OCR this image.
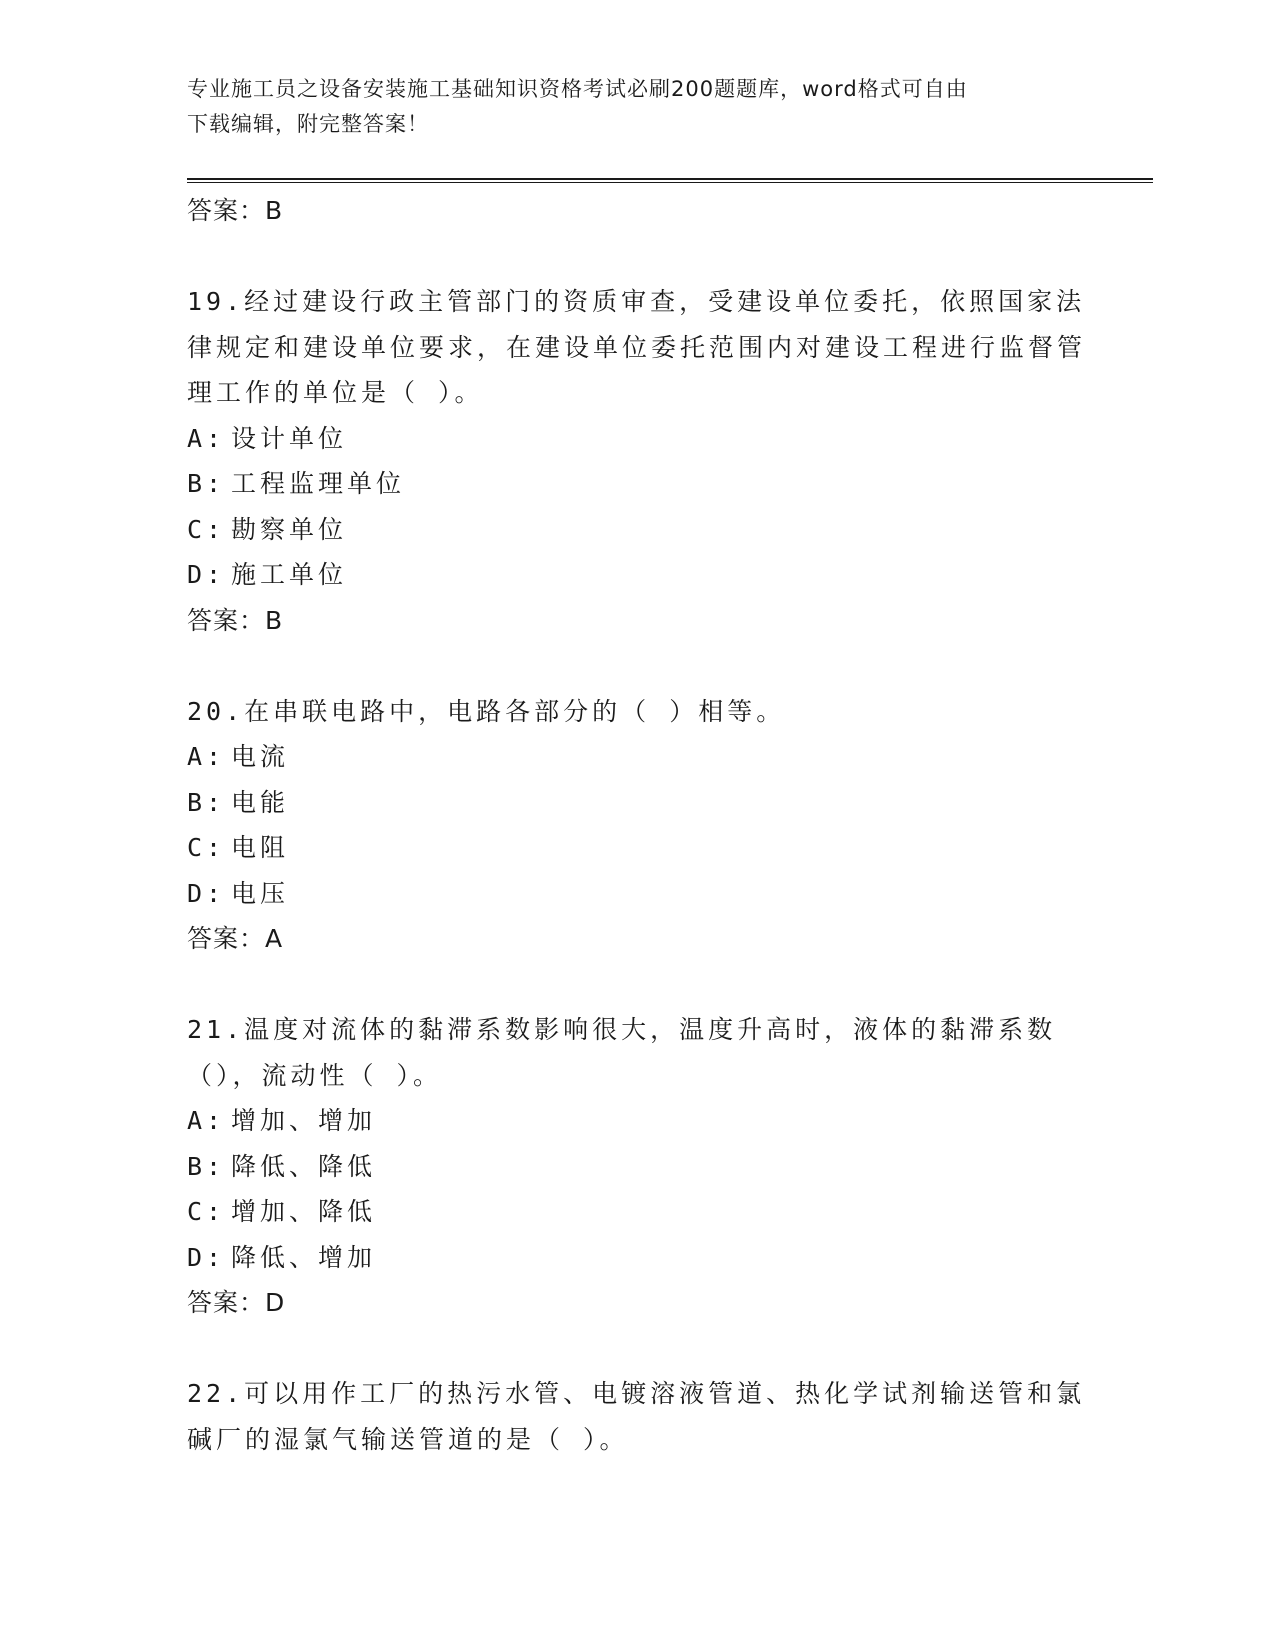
专业施工员之设备安装施工基础知识资格考试必刷200题题库，word格式可自由
下载编辑，附完整答案！
答案：B
19.经过建设行政主管部门的资质审查，受建设单位委托，依照国家法律规定和建设单位要求，在建设单位委托范围内对建设工程进行监督管理工作的单位是（ ）。
A: 设计单位
B: 工程监理单位
C: 勘察单位
D: 施工单位
答案：B
20.在串联电路中，电路各部分的（ ）相等。
A: 电流
B: 电能
C: 电阻
D: 电压
答案：A
21.温度对流体的黏滞系数影响很大，温度升高时，液体的黏滞系数（），流动性（ ）。
A: 增加、增加
B: 降低、降低
C: 增加、降低
D: 降低、增加
答案：D
22.可以用作工厂的热污水管、电镀溶液管道、热化学试剂输送管和氯碱厂的湿氯气输送管道的是（ ）。
